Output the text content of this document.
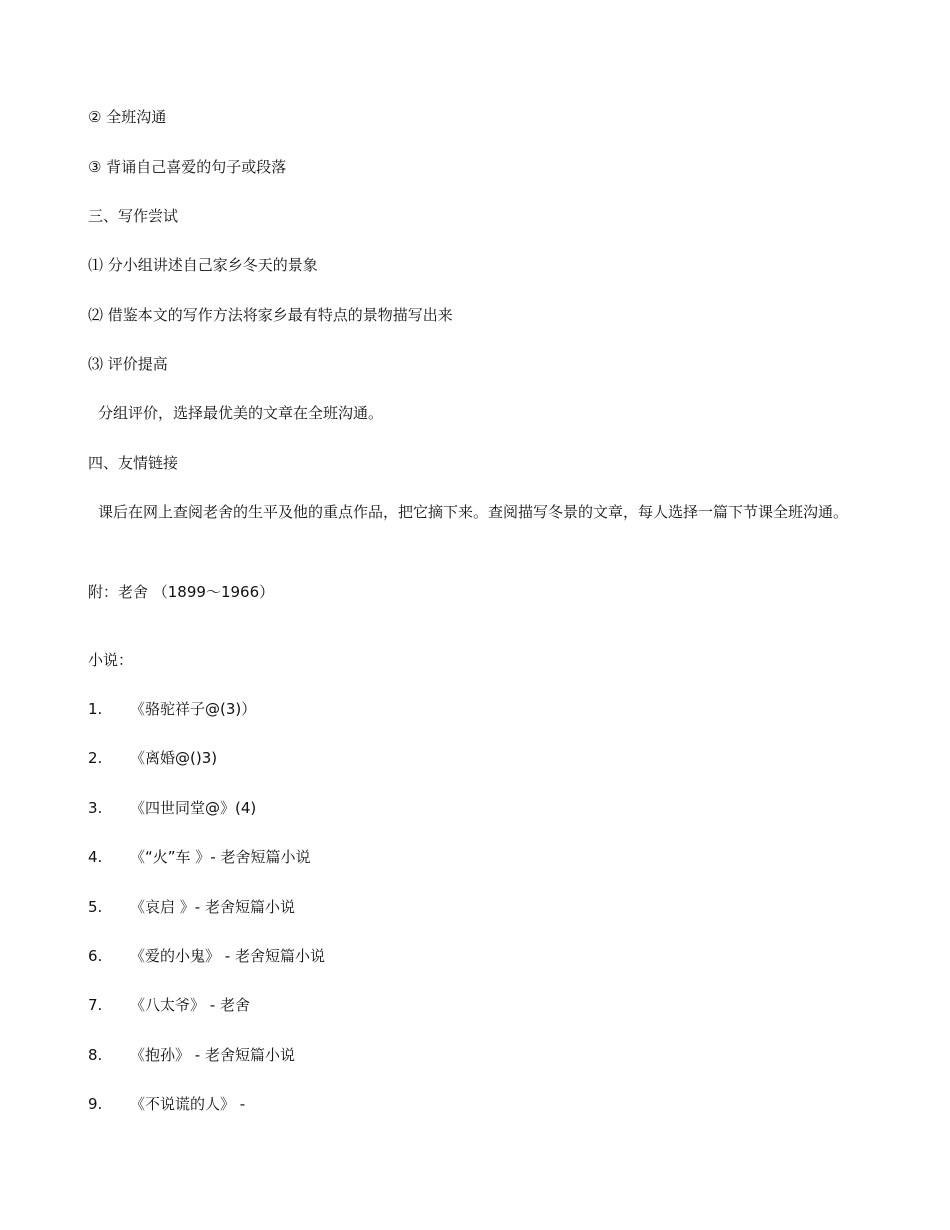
② 全班沟通
③ 背诵自己喜爱的句子或段落
三、写作尝试
⑴ 分小组讲述自己家乡冬天的景象
⑵ 借鉴本文的写作方法将家乡最有特点的景物描写出来
⑶ 评价提高
分组评价，选择最优美的文章在全班沟通。
四、友情链接
课后在网上查阅老舍的生平及他的重点作品，把它摘下来。查阅描写冬景的文章，每人选择一篇下节课全班沟通。
附：老舍 （1899～1966）
小说：
1. 《骆驼祥子@(3)）
2. 《离婚@()3)
3. 《四世同堂@》(4)
4. 《“火”车 》- 老舍短篇小说
5. 《哀启 》- 老舍短篇小说
6. 《爱的小鬼》 - 老舍短篇小说
7. 《八太爷》 - 老舍
8. 《抱孙》 - 老舍短篇小说
9. 《不说谎的人》 -
